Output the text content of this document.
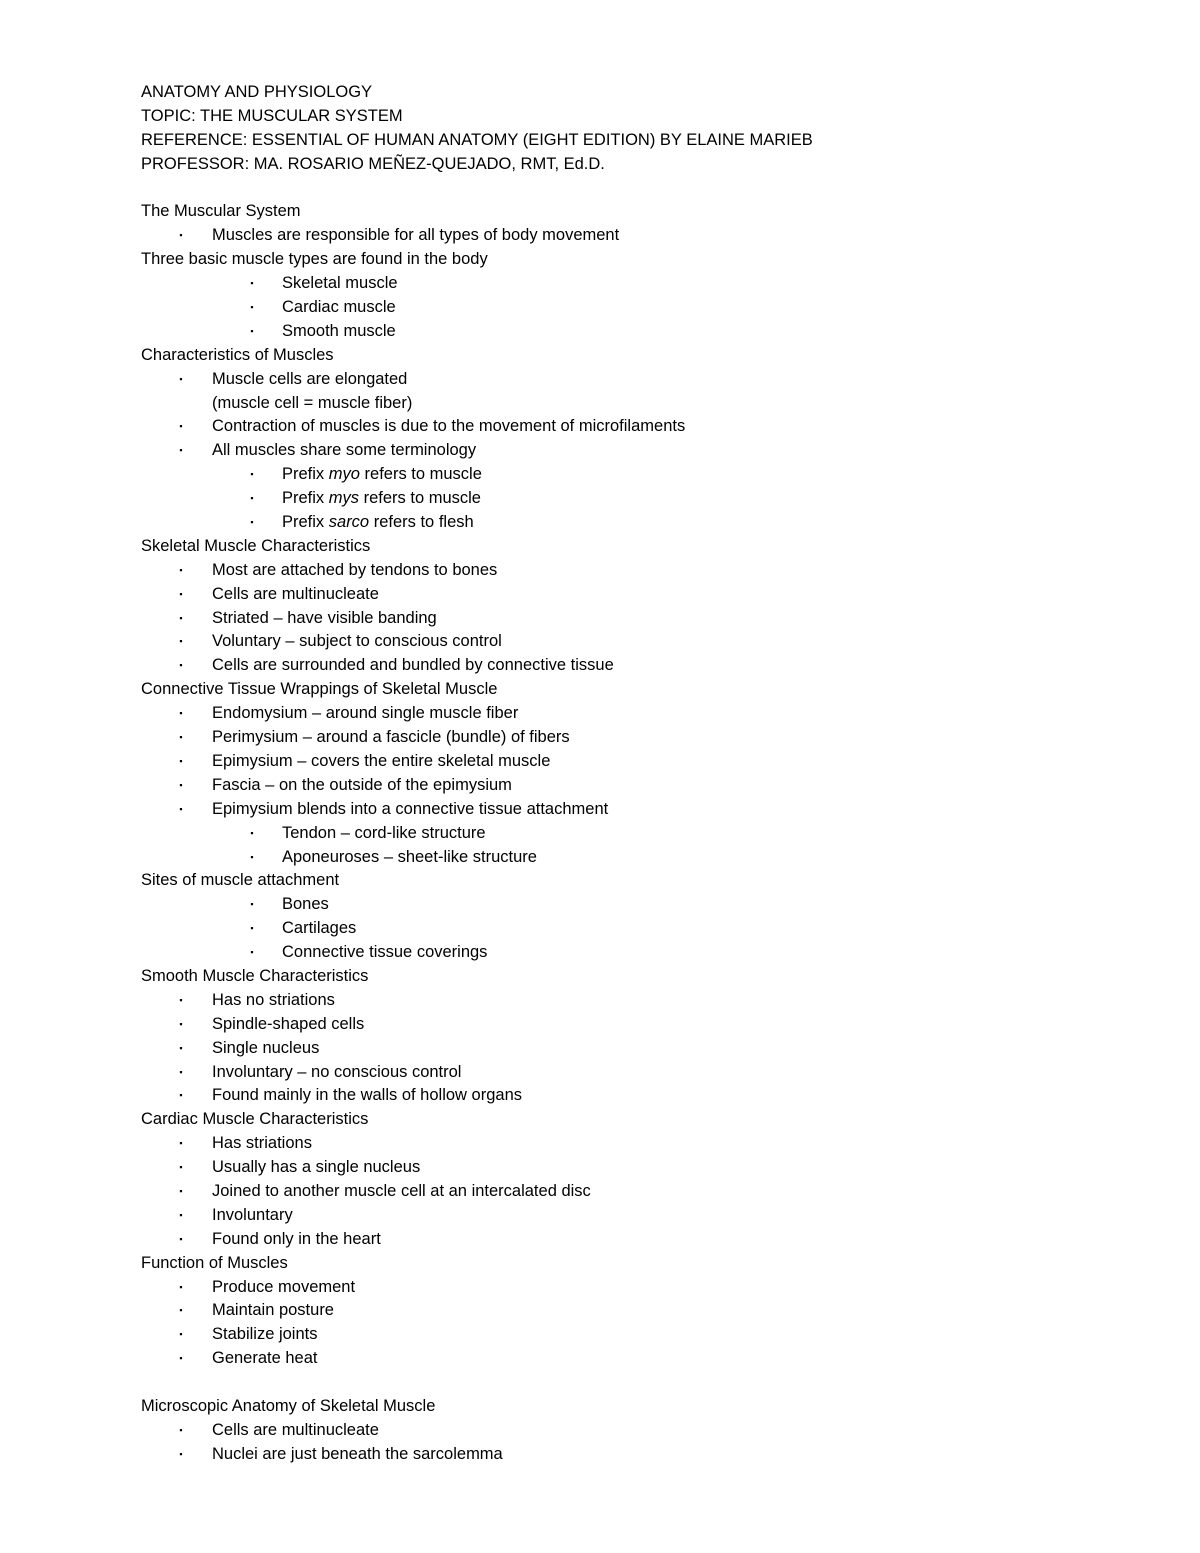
ANATOMY AND PHYSIOLOGY
TOPIC: THE MUSCULAR SYSTEM
REFERENCE: ESSENTIAL OF HUMAN ANATOMY (EIGHT EDITION) BY ELAINE MARIEB
PROFESSOR: MA. ROSARIO MEÑEZ-QUEJADO, RMT, Ed.D.
The Muscular System
▪ Muscles are responsible for all types of body movement
Three basic muscle types are found in the body
▪ Skeletal muscle
▪ Cardiac muscle
▪ Smooth muscle
Characteristics of Muscles
▪ Muscle cells are elongated
(muscle cell = muscle fiber)
▪ Contraction of muscles is due to the movement of microfilaments
▪ All muscles share some terminology
▪ Prefix myo refers to muscle
▪ Prefix mys refers to muscle
▪ Prefix sarco refers to flesh
Skeletal Muscle Characteristics
▪ Most are attached by tendons to bones
▪ Cells are multinucleate
▪ Striated – have visible banding
▪ Voluntary – subject to conscious control
▪ Cells are surrounded and bundled by connective tissue
Connective Tissue Wrappings of Skeletal Muscle
▪ Endomysium – around single muscle fiber
▪ Perimysium – around a fascicle (bundle) of fibers
▪ Epimysium – covers the entire skeletal muscle
▪ Fascia – on the outside of the epimysium
▪ Epimysium blends into a connective tissue attachment
▪ Tendon – cord-like structure
▪ Aponeuroses – sheet-like structure
Sites of muscle attachment
▪ Bones
▪ Cartilages
▪ Connective tissue coverings
Smooth Muscle Characteristics
▪ Has no striations
▪ Spindle-shaped cells
▪ Single nucleus
▪ Involuntary – no conscious control
▪ Found mainly in the walls of hollow organs
Cardiac Muscle Characteristics
▪ Has striations
▪ Usually has a single nucleus
▪ Joined to another muscle cell at an intercalated disc
▪ Involuntary
▪ Found only in the heart
Function of Muscles
▪ Produce movement
▪ Maintain posture
▪ Stabilize joints
▪ Generate heat
Microscopic Anatomy of Skeletal Muscle
▪ Cells are multinucleate
▪ Nuclei are just beneath the sarcolemma
